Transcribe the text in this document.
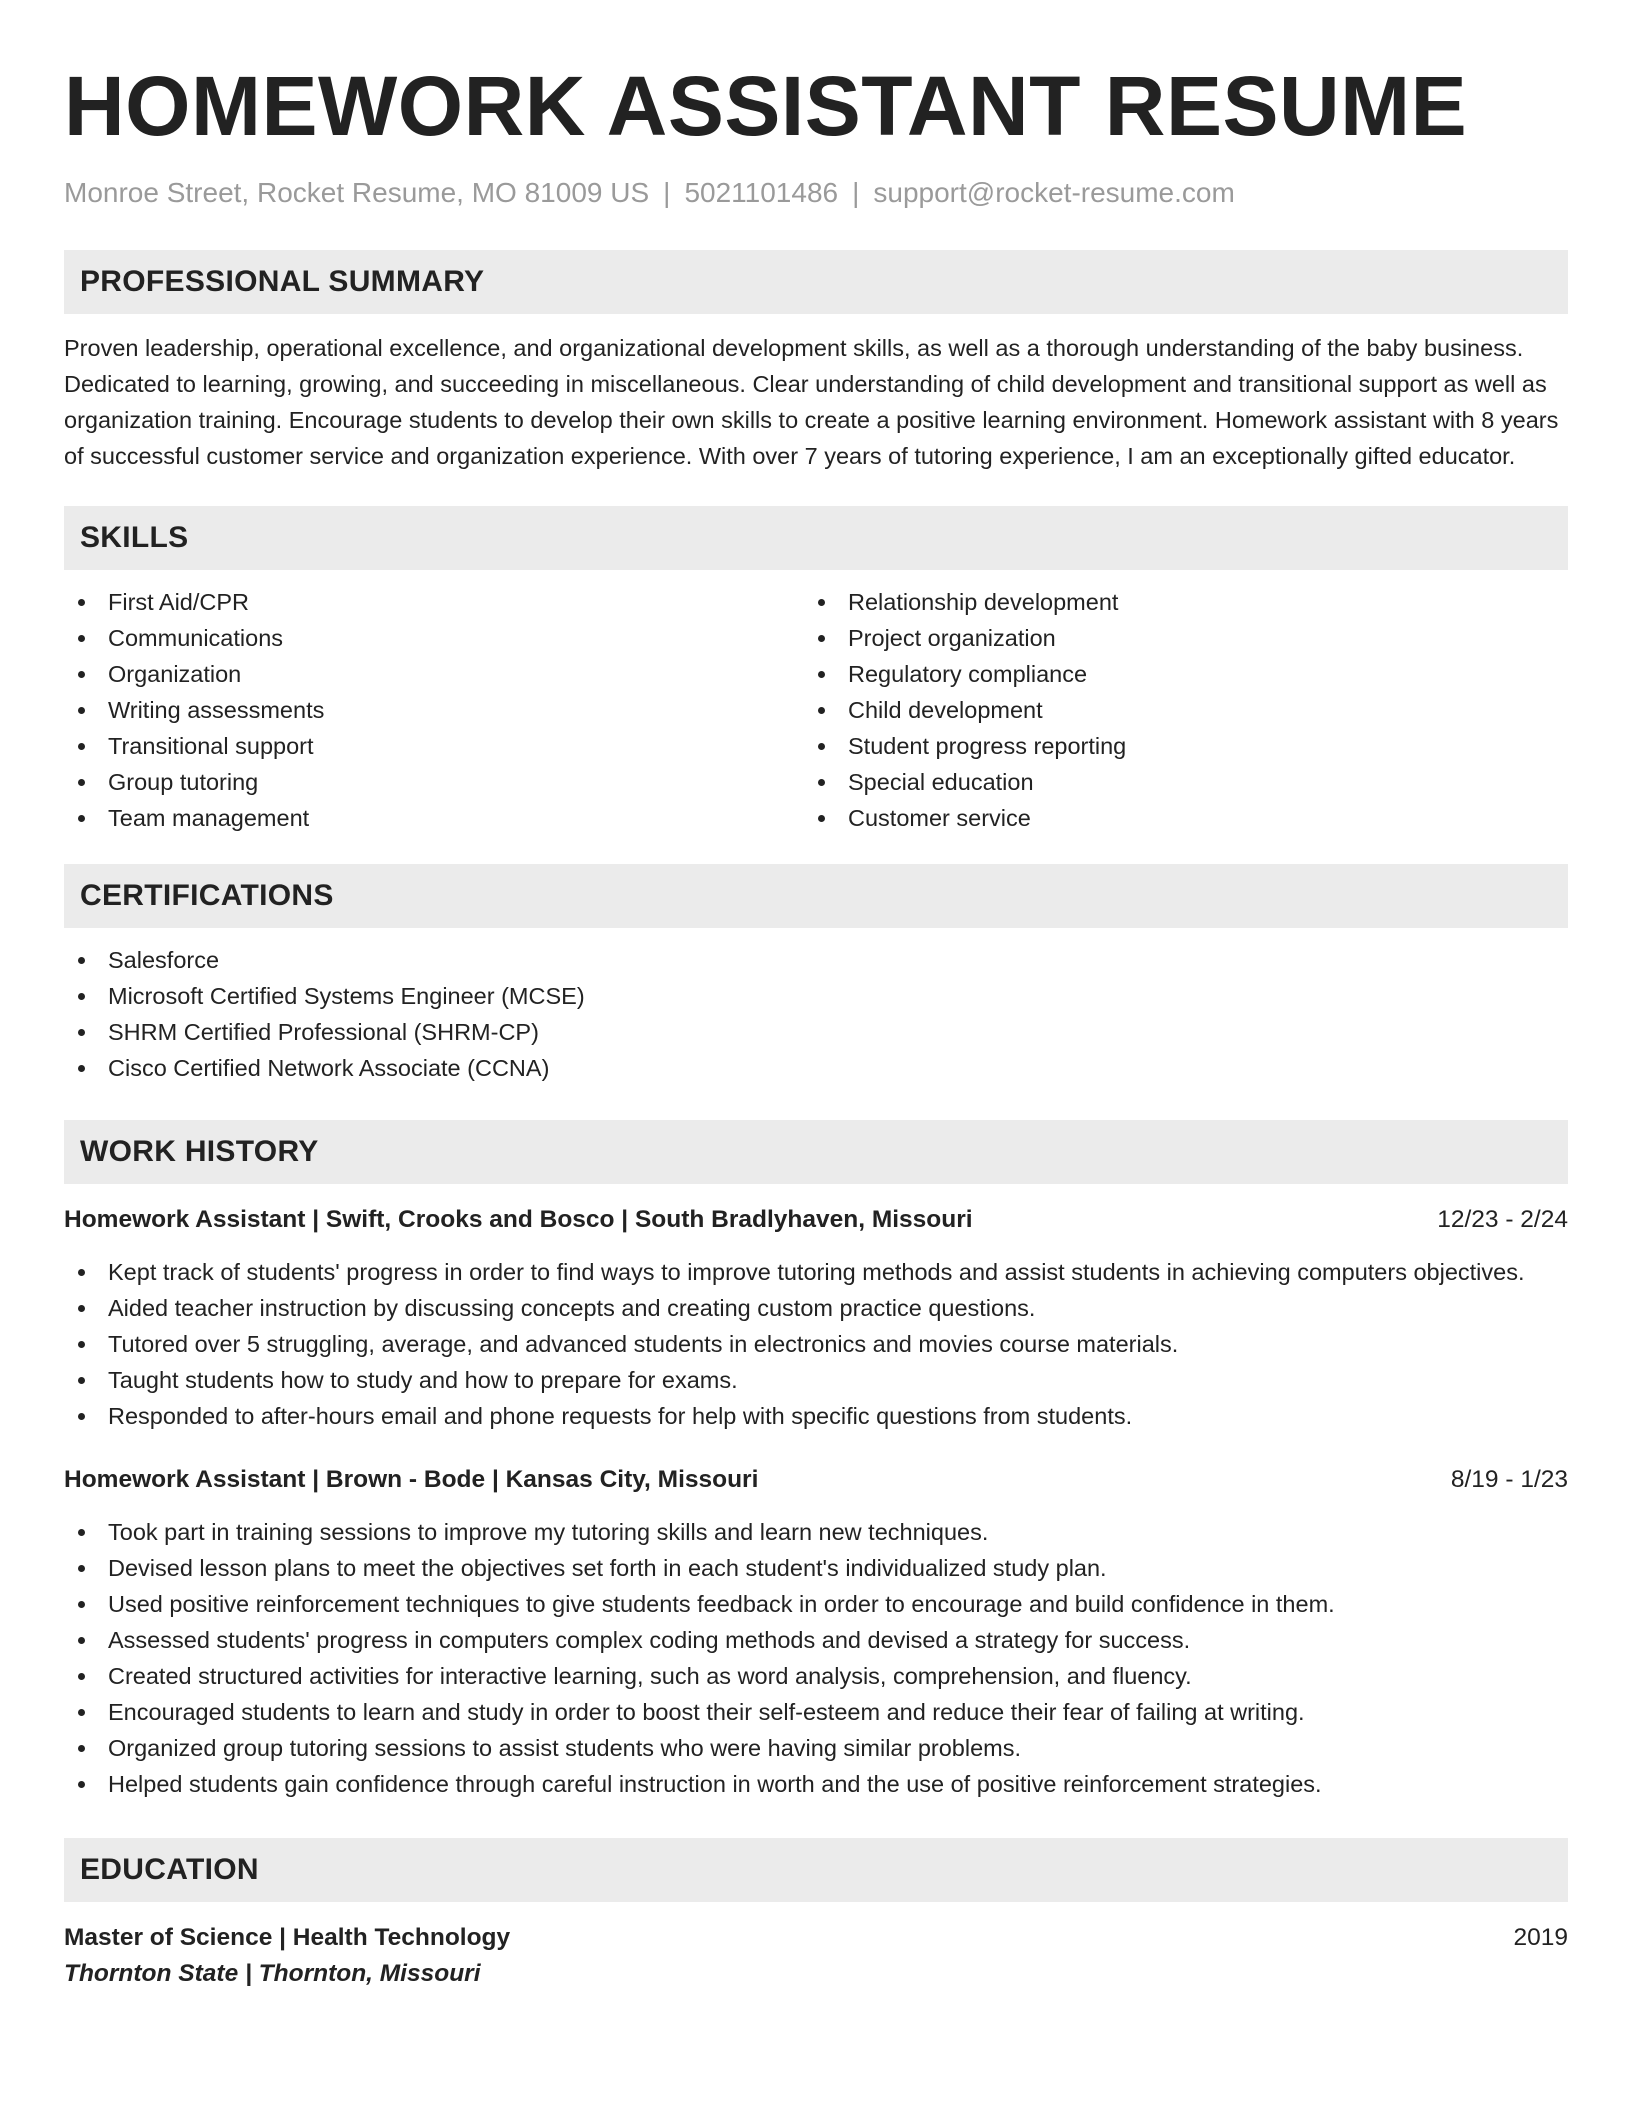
HOMEWORK ASSISTANT RESUME
Monroe Street, Rocket Resume, MO 81009 US | 5021101486 | support@rocket-resume.com
PROFESSIONAL SUMMARY

Proven leadership, operational excellence, and organizational development skills, as well as a thorough understanding of the baby business. Dedicated to learning, growing, and succeeding in miscellaneous. Clear understanding of child development and transitional support as well as organization training. Encourage students to develop their own skills to create a positive learning environment. Homework assistant with 8 years of successful customer service and organization experience. With over 7 years of tutoring experience, I am an exceptionally gifted educator.

SKILLS
First Aid/CPR
Communications
Organization
Writing assessments
Transitional support
Group tutoring
Team management
Relationship development
Project organization
Regulatory compliance
Child development
Student progress reporting
Special education
Customer service
CERTIFICATIONS
Salesforce
Microsoft Certified Systems Engineer (MCSE)
SHRM Certified Professional (SHRM-CP)
Cisco Certified Network Associate (CCNA)
WORK HISTORY
Homework Assistant | Swift, Crooks and Bosco | South Bradlyhaven, Missouri	12/23 - 2/24
Kept track of students' progress in order to find ways to improve tutoring methods and assist students in achieving computers objectives.
Aided teacher instruction by discussing concepts and creating custom practice questions.
Tutored over 5 struggling, average, and advanced students in electronics and movies course materials.
Taught students how to study and how to prepare for exams.
Responded to after-hours email and phone requests for help with specific questions from students.
Homework Assistant | Brown - Bode | Kansas City, Missouri	8/19 - 1/23
Took part in training sessions to improve my tutoring skills and learn new techniques.
Devised lesson plans to meet the objectives set forth in each student's individualized study plan.
Used positive reinforcement techniques to give students feedback in order to encourage and build confidence in them.
Assessed students' progress in computers complex coding methods and devised a strategy for success.
Created structured activities for interactive learning, such as word analysis, comprehension, and fluency.
Encouraged students to learn and study in order to boost their self-esteem and reduce their fear of failing at writing.
Organized group tutoring sessions to assist students who were having similar problems.
Helped students gain confidence through careful instruction in worth and the use of positive reinforcement strategies.
EDUCATION
Master of Science | Health Technology	2019
Thornton State | Thornton, Missouri
